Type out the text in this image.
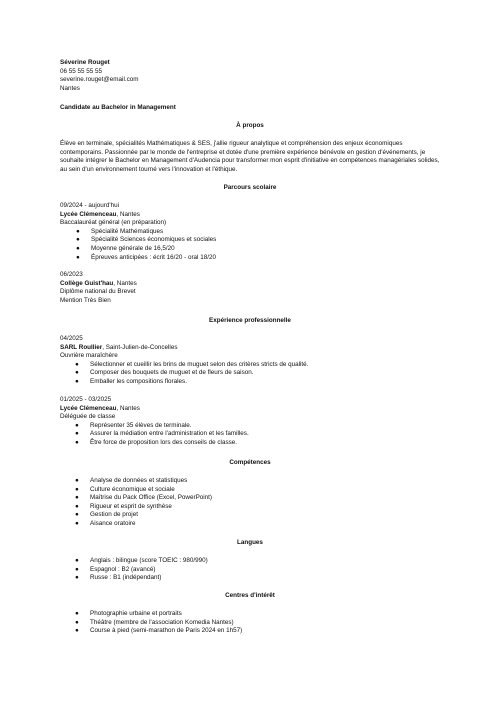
Séverine Rouget
06 55 55 55 55
severine.rouget@email.com
Nantes
Candidate au Bachelor in Management
À propos

Élève en terminale, spécialités Mathématiques & SES, j'allie rigueur analytique et compréhension des enjeux économiques contemporains. Passionnée par le monde de l'entreprise et dotée d'une première expérience bénévole en gestion d'événements, je souhaite intégrer le Bachelor en Management d'Audencia pour transformer mon esprit d'initiative en compétences managériales solides, au sein d'un environnement tourné vers l'innovation et l'éthique.

Parcours scolaire
09/2024 - aujourd'hui
Lycée Clémenceau, Nantes
Baccalauréat général (en préparation)
● Spécialité Mathématiques
● Spécialité Sciences économiques et sociales
● Moyenne générale de 16,5/20
● Épreuves anticipées : écrit 16/20 - oral 18/20
06/2023
Collège Guist'hau, Nantes
Diplôme national du Brevet
Mention Très Bien
Expérience professionnelle
04/2025
SARL Roullier, Saint-Julien-de-Concelles
Ouvrière maraîchère
● Sélectionner et cueillir les brins de muguet selon des critères stricts de qualité.
● Composer des bouquets de muguet et de fleurs de saison.
● Emballer les compositions florales.
01/2025 - 03/2025
Lycée Clémenceau, Nantes
Déléguée de classe
● Représenter 35 élèves de terminale.
● Assurer la médiation entre l'administration et les familles.
● Être force de proposition lors des conseils de classe.
Compétences
● Analyse de données et statistiques
● Culture économique et sociale
● Maîtrise du Pack Office (Excel, PowerPoint)
● Rigueur et esprit de synthèse
● Gestion de projet
● Aisance oratoire
Langues
● Anglais : bilingue (score TOEIC : 980/990)
● Espagnol : B2 (avancé)
● Russe : B1 (indépendant)
Centres d'intérêt
● Photographie urbaine et portraits
● Théâtre (membre de l'association Komedia Nantes)
● Course à pied (semi-marathon de Paris 2024 en 1h57)
